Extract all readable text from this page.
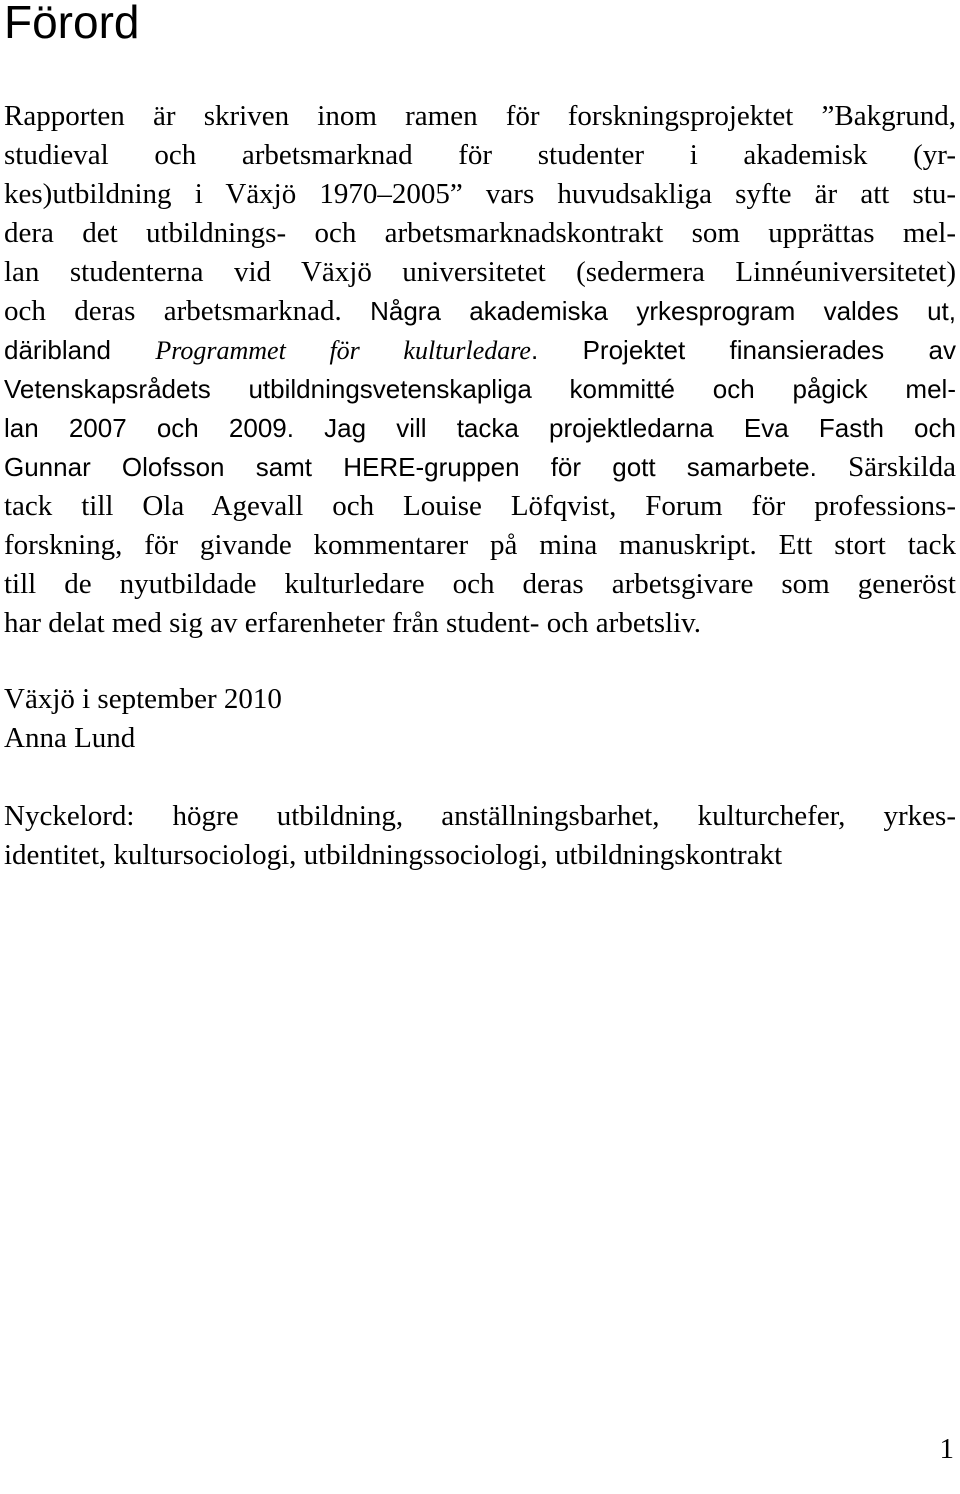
Förord
Rapporten är skriven inom ramen för forskningsprojektet ”Bakgrund,
studieval och arbetsmarknad för studenter i akademisk (yr-
kes)utbildning i Växjö 1970–2005” vars huvudsakliga syfte är att stu-
dera det utbildnings- och arbetsmarknadskontrakt som upprättas mel-
lan studenterna vid Växjö universitetet (sedermera Linnéuniversitetet)
och deras arbetsmarknad. Några akademiska yrkesprogram valdes ut,
däribland Programmet för kulturledare. Projektet finansierades av
Vetenskapsrådets utbildningsvetenskapliga kommitté och pågick mel-
lan 2007 och 2009. Jag vill tacka projektledarna Eva Fasth och
Gunnar Olofsson samt HERE-gruppen för gott samarbete. Särskilda
tack till Ola Agevall och Louise Löfqvist, Forum för professions-
forskning, för givande kommentarer på mina manuskript. Ett stort tack
till de nyutbildade kulturledare och deras arbetsgivare som generöst
har delat med sig av erfarenheter från student- och arbetsliv.
Växjö i september 2010
Anna Lund
Nyckelord: högre utbildning, anställningsbarhet, kulturchefer, yrkes-
identitet, kultursociologi, utbildningssociologi, utbildningskontrakt
1
